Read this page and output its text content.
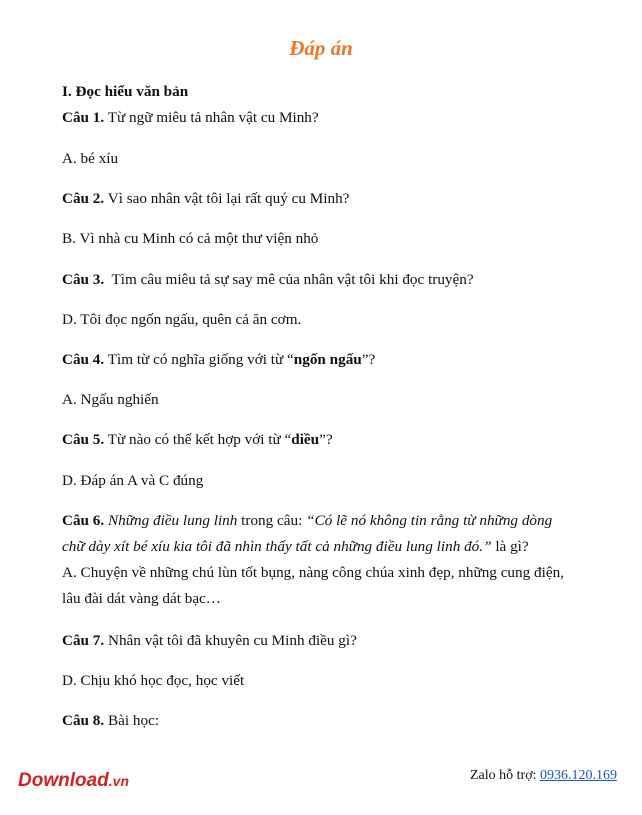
Đáp án
I. Đọc hiểu văn bản
Câu 1. Từ ngữ miêu tả nhân vật cu Minh?
A. bé xíu
Câu 2. Vì sao nhân vật tôi lại rất quý cu Minh?
B. Vì nhà cu Minh có cả một thư viện nhỏ
Câu 3. Tìm câu miêu tả sự say mê của nhân vật tôi khi đọc truyện?
D. Tôi đọc ngốn ngấu, quên cả ăn cơm.
Câu 4. Tìm từ có nghĩa giống với từ “ngốn ngấu”?
A. Ngấu nghiến
Câu 5. Từ nào có thể kết hợp với từ “diều”?
D. Đáp án A và C đúng
Câu 6. Những điều lung linh trong câu: “Có lẽ nó không tin rằng từ những dòng
chữ dày xít bé xíu kia tôi đã nhìn thấy tất cả những điều lung linh đó.” là gì?
A. Chuyện về những chú lùn tốt bụng, nàng công chúa xinh đẹp, những cung điện,
lâu đài dát vàng dát bạc…
Câu 7. Nhân vật tôi đã khuyên cu Minh điều gì?
D. Chịu khó học đọc, học viết
Câu 8. Bài học:
Download.vn	Zalo hỗ trợ: 0936.120.169
